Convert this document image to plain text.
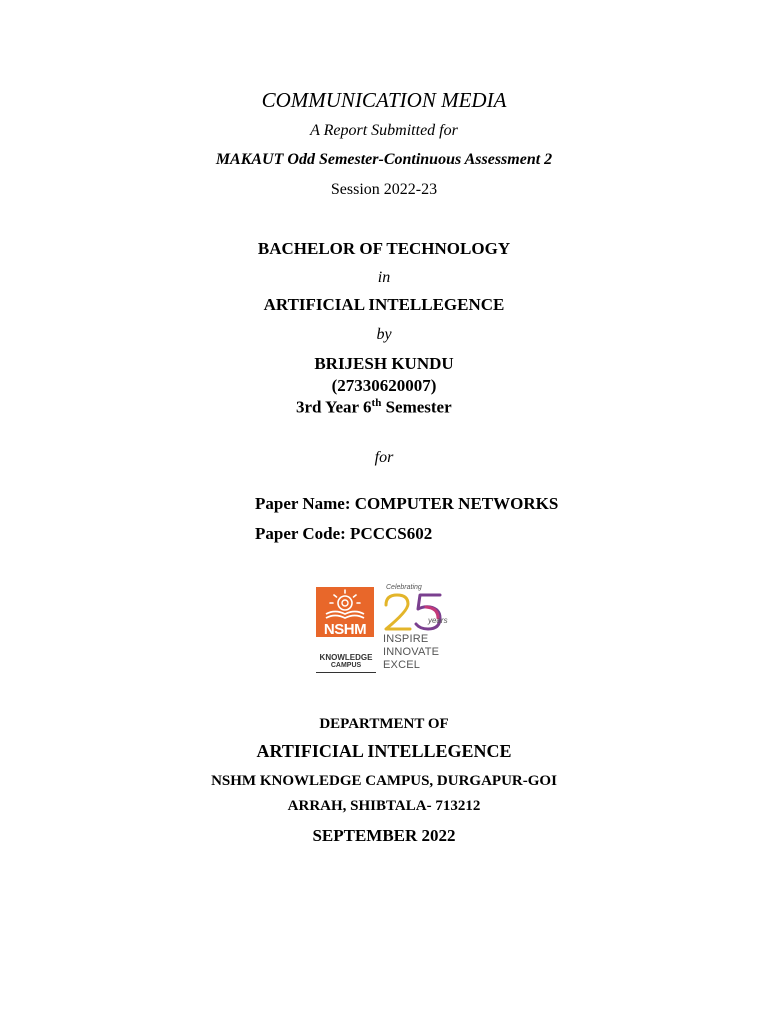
COMMUNICATION MEDIA
A Report Submitted for
MAKAUT Odd Semester-Continuous Assessment 2
Session 2022-23
BACHELOR OF TECHNOLOGY
in
ARTIFICIAL INTELLEGENCE
by
BRIJESH KUNDU
(27330620007)
3rd Year 6th Semester
for
Paper Name: COMPUTER NETWORKS
Paper Code: PCCCS602
NSHM
KNOWLEDGE
CAMPUS
Celebrating
years
INSPIRE
INNOVATE
EXCEL
DEPARTMENT OF
ARTIFICIAL INTELLEGENCE
NSHM KNOWLEDGE CAMPUS, DURGAPUR-GOI
ARRAH, SHIBTALA- 713212
SEPTEMBER 2022
